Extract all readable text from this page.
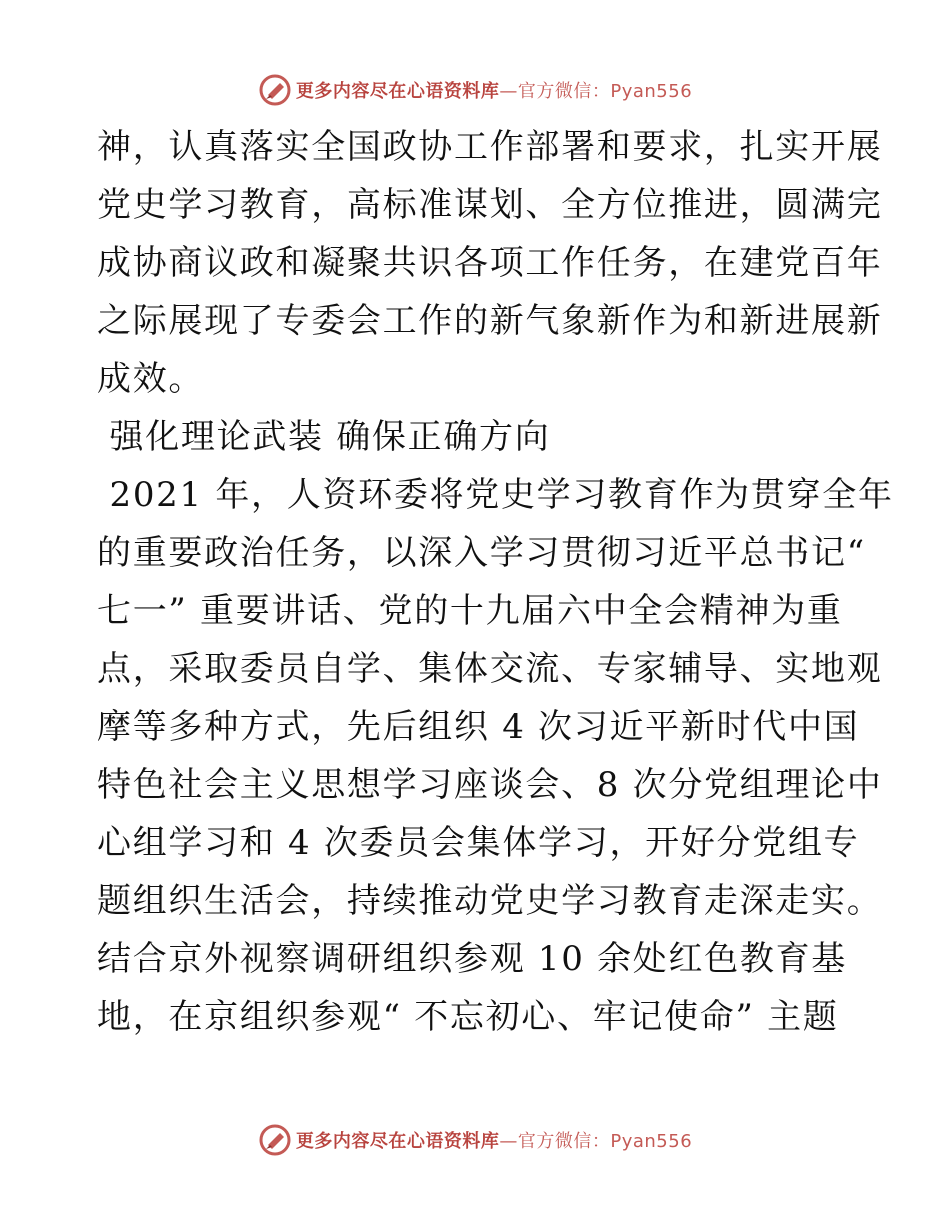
更多内容尽在心语资料库—官方微信：Pyan556
神，认真落实全国政协工作部署和要求，扎实开展
党史学习教育，高标准谋划、全方位推进，圆满完
成协商议政和凝聚共识各项工作任务，在建党百年
之际展现了专委会工作的新气象新作为和新进展新
成效。
强化理论武装 确保正确方向
2021 年，人资环委将党史学习教育作为贯穿全年
的重要政治任务，以深入学习贯彻习近平总书记“
七一” 重要讲话、党的十九届六中全会精神为重
点，采取委员自学、集体交流、专家辅导、实地观
摩等多种方式，先后组织 4 次习近平新时代中国
特色社会主义思想学习座谈会、8 次分党组理论中
心组学习和 4 次委员会集体学习，开好分党组专
题组织生活会，持续推动党史学习教育走深走实。
结合京外视察调研组织参观 10 余处红色教育基
地，在京组织参观“ 不忘初心、牢记使命” 主题
更多内容尽在心语资料库—官方微信：Pyan556
